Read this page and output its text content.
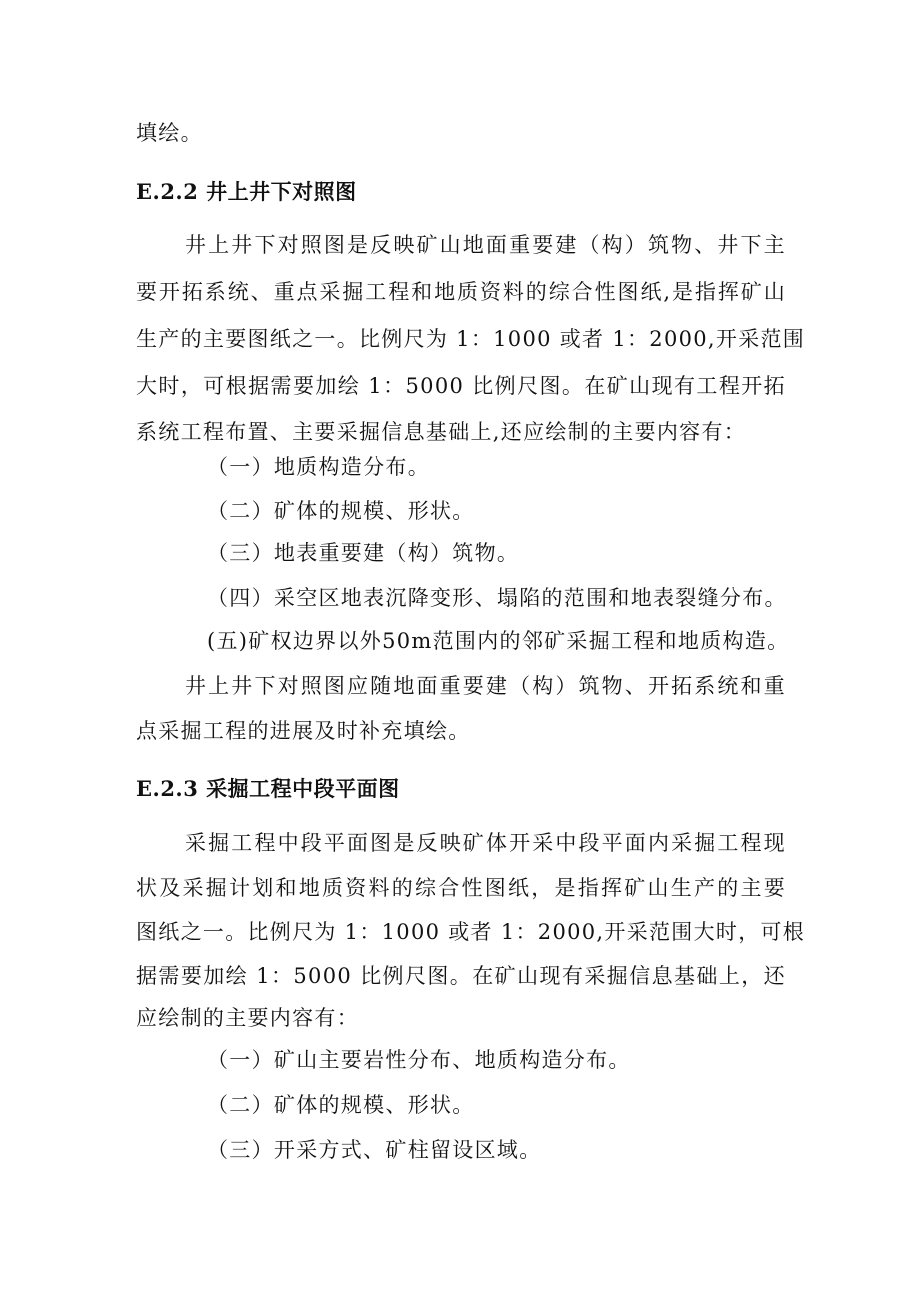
填绘。
E.2.2 井上井下对照图
井上井下对照图是反映矿山地面重要建（构）筑物、井下主
要开拓系统、重点采掘工程和地质资料的综合性图纸,是指挥矿山
生产的主要图纸之一。比例尺为 1：1000 或者 1：2000,开采范围
大时，可根据需要加绘 1：5000 比例尺图。在矿山现有工程开拓
系统工程布置、主要采掘信息基础上,还应绘制的主要内容有：
（一）地质构造分布。
（二）矿体的规模、形状。
（三）地表重要建（构）筑物。
（四）采空区地表沉降变形、塌陷的范围和地表裂缝分布。
(五)矿权边界以外50m范围内的邻矿采掘工程和地质构造。
井上井下对照图应随地面重要建（构）筑物、开拓系统和重
点采掘工程的进展及时补充填绘。
E.2.3 采掘工程中段平面图
采掘工程中段平面图是反映矿体开采中段平面内采掘工程现
状及采掘计划和地质资料的综合性图纸，是指挥矿山生产的主要
图纸之一。比例尺为 1：1000 或者 1：2000,开采范围大时，可根
据需要加绘 1：5000 比例尺图。在矿山现有采掘信息基础上，还
应绘制的主要内容有：
（一）矿山主要岩性分布、地质构造分布。
（二）矿体的规模、形状。
（三）开采方式、矿柱留设区域。
